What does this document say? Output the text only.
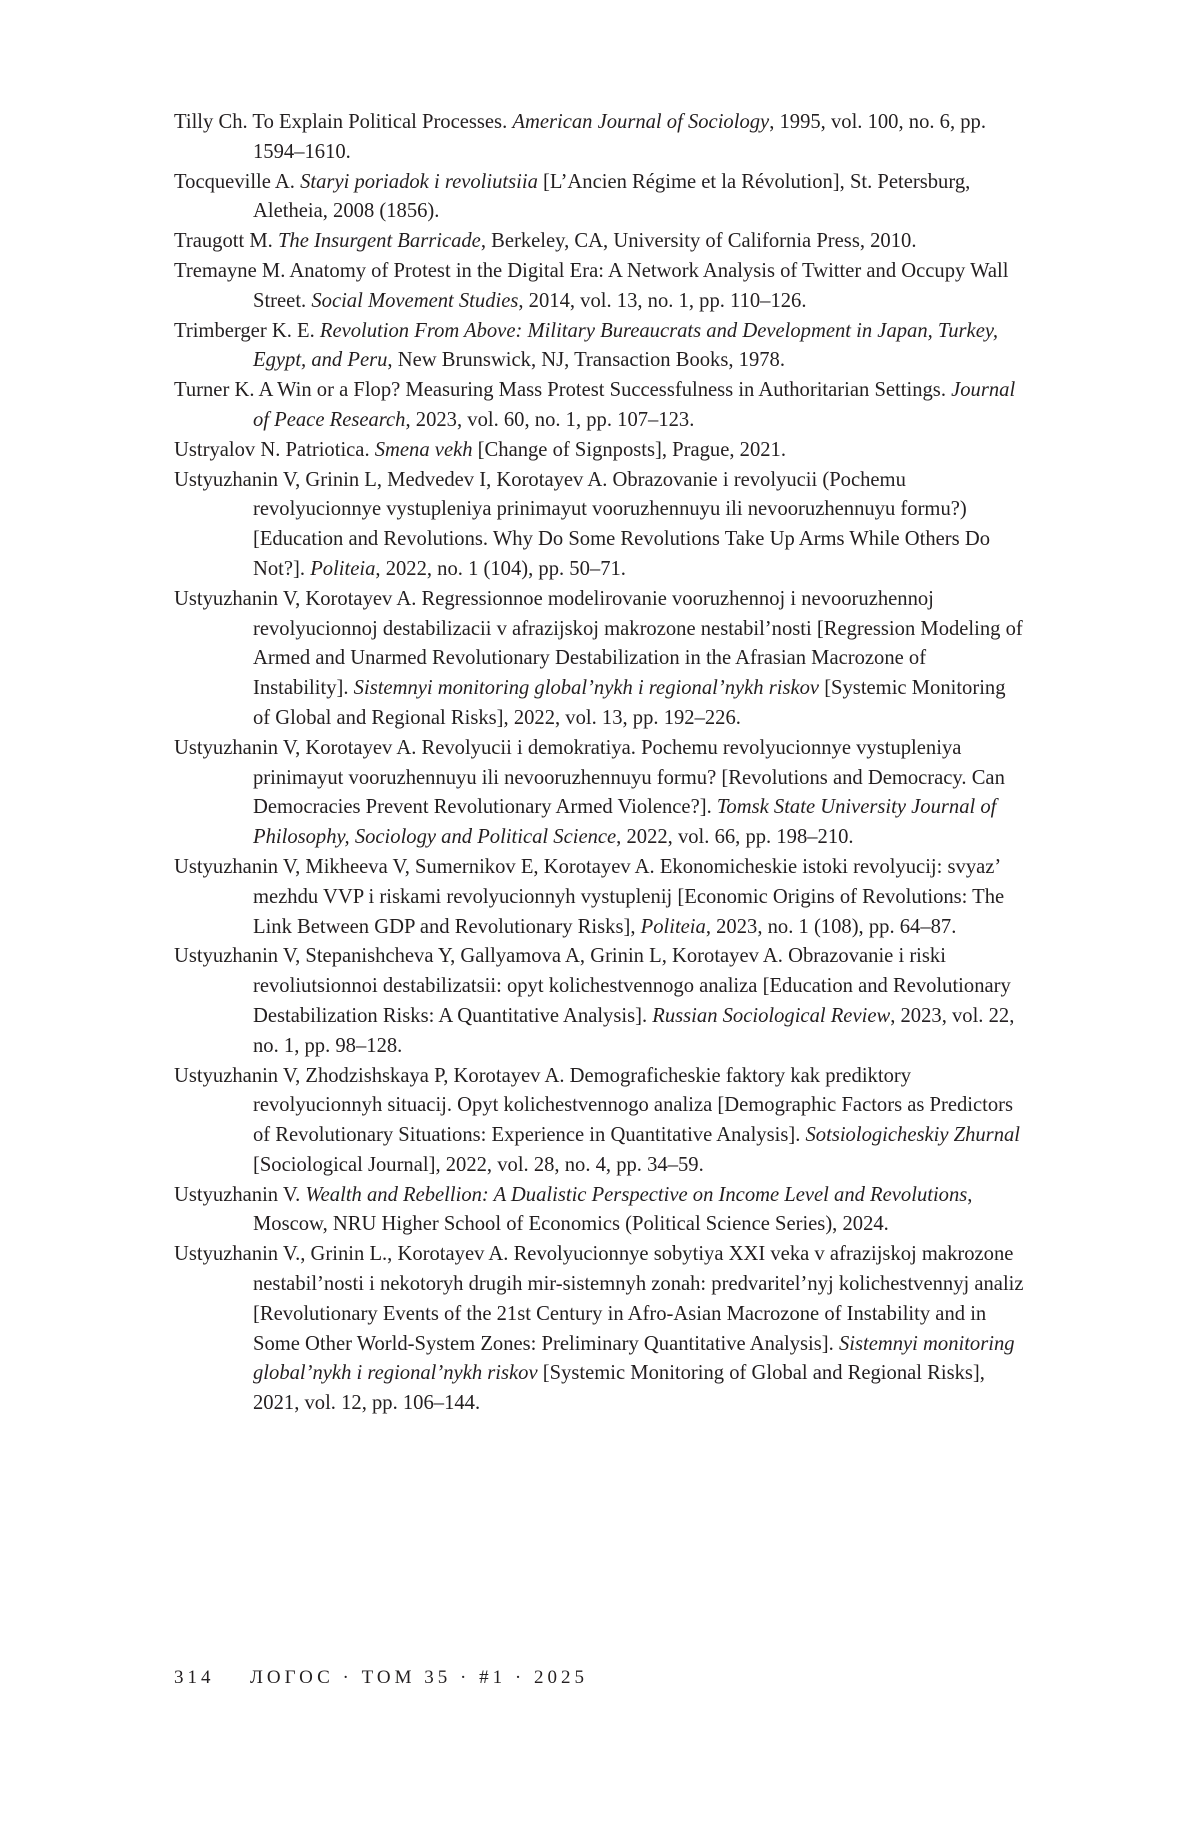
Tilly Ch. To Explain Political Processes. American Journal of Sociology, 1995, vol. 100, no. 6, pp. 1594–1610.
Tocqueville A. Staryi poriadok i revoliutsiia [L’Ancien Régime et la Révolution], St. Petersburg, Aletheia, 2008 (1856).
Traugott M. The Insurgent Barricade, Berkeley, CA, University of California Press, 2010.
Tremayne M. Anatomy of Protest in the Digital Era: A Network Analysis of Twitter and Occupy Wall Street. Social Movement Studies, 2014, vol. 13, no. 1, pp. 110–126.
Trimberger K. E. Revolution From Above: Military Bureaucrats and Development in Japan, Turkey, Egypt, and Peru, New Brunswick, NJ, Transaction Books, 1978.
Turner K. A Win or a Flop? Measuring Mass Protest Successfulness in Authoritarian Settings. Journal of Peace Research, 2023, vol. 60, no. 1, pp. 107–123.
Ustryalov N. Patriotica. Smena vekh [Change of Signposts], Prague, 2021.
Ustyuzhanin V, Grinin L, Medvedev I, Korotayev A. Obrazovanie i revolyucii (Pochemu revolyucionnye vystupleniya prinimayut vooruzhennuyu ili nevooruzhennuyu formu?) [Education and Revolutions. Why Do Some Revolutions Take Up Arms While Others Do Not?]. Politeia, 2022, no. 1 (104), pp. 50–71.
Ustyuzhanin V, Korotayev A. Regressionnoe modelirovanie vooruzhennoj i nevooruzhennoj revolyucionnoj destabilizacii v afrazijskoj makrozone nestabil’nosti [Regression Modeling of Armed and Unarmed Revolutionary Destabilization in the Afrasian Macrozone of Instability]. Sistemnyi monitoring global’nykh i regional’nykh riskov [Systemic Monitoring of Global and Regional Risks], 2022, vol. 13, pp. 192–226.
Ustyuzhanin V, Korotayev A. Revolyucii i demokratiya. Pochemu revolyucionnye vystupleniya prinimayut vooruzhennuyu ili nevooruzhennuyu formu? [Revolutions and Democracy. Can Democracies Prevent Revolutionary Armed Violence?]. Tomsk State University Journal of Philosophy, Sociology and Political Science, 2022, vol. 66, pp. 198–210.
Ustyuzhanin V, Mikheeva V, Sumernikov E, Korotayev A. Ekonomicheskie istoki revolyucij: svyaz’ mezhdu VVP i riskami revolyucionnyh vystuplenij [Economic Origins of Revolutions: The Link Between GDP and Revolutionary Risks], Politeia, 2023, no. 1 (108), pp. 64–87.
Ustyuzhanin V, Stepanishcheva Y, Gallyamova A, Grinin L, Korotayev A. Obrazovanie i riski revoliutsionnoi destabilizatsii: opyt kolichestvennogo analiza [Education and Revolutionary Destabilization Risks: A Quantitative Analysis]. Russian Sociological Review, 2023, vol. 22, no. 1, pp. 98–128.
Ustyuzhanin V, Zhodzishskaya P, Korotayev A. Demograficheskie faktory kak prediktory revolyucionnyh situacij. Opyt kolichestvennogo analiza [Demographic Factors as Predictors of Revolutionary Situations: Experience in Quantitative Analysis]. Sotsiologicheskiy Zhurnal [Sociological Journal], 2022, vol. 28, no. 4, pp. 34–59.
Ustyuzhanin V. Wealth and Rebellion: A Dualistic Perspective on Income Level and Revolutions, Moscow, NRU Higher School of Economics (Political Science Series), 2024.
Ustyuzhanin V., Grinin L., Korotayev A. Revolyucionnye sobytiya XXI veka v afrazijskoj makrozone nestabil’nosti i nekotoryh drugih mir-sistemnyh zonah: predvaritel’nyj kolichestvennyj analiz [Revolutionary Events of the 21st Century in Afro-Asian Macrozone of Instability and in Some Other World-System Zones: Preliminary Quantitative Analysis]. Sistemnyi monitoring global’nykh i regional’nykh riskov [Systemic Monitoring of Global and Regional Risks], 2021, vol. 12, pp. 106–144.
314 ЛОГОС · ТОМ 35 · #1 · 2025
